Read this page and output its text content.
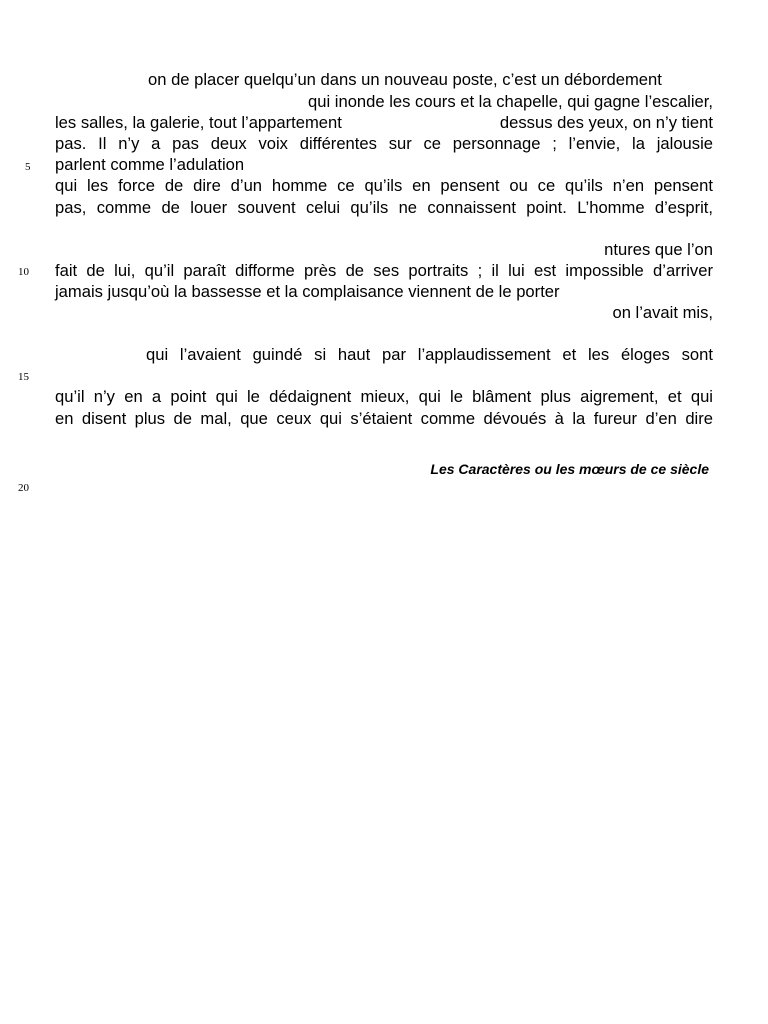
on de placer quelqu’un dans un nouveau poste, c’est un débordement
qui inonde les cours et la chapelle, qui gagne l’escalier,
les salles, la galerie, tout l’appartement	dessus des yeux, on n’y tient
pas. Il n’y a pas deux voix différentes sur ce personnage ; l’envie, la jalousie
parlent comme l’adulation
qui les force de dire d’un homme ce qu’ils en pensent ou ce qu’ils n’en pensent
pas, comme de louer souvent celui qu’ils ne connaissent point. L’homme d’esprit,
ntures que l’on
fait de lui, qu’il paraît difforme près de ses portraits ; il lui est impossible d’arriver
jamais jusqu’où la bassesse et la complaisance viennent de le porter
on l’avait mis,
qui l’avaient guindé si haut par l’applaudissement et les éloges sont
qu’il n’y en a point qui le dédaignent mieux, qui le blâment plus aigrement, et qui
en disent plus de mal, que ceux qui s’étaient comme dévoués à la fureur d’en dire
5
10
15
20
Les Caractères ou les mœurs de ce siècle
